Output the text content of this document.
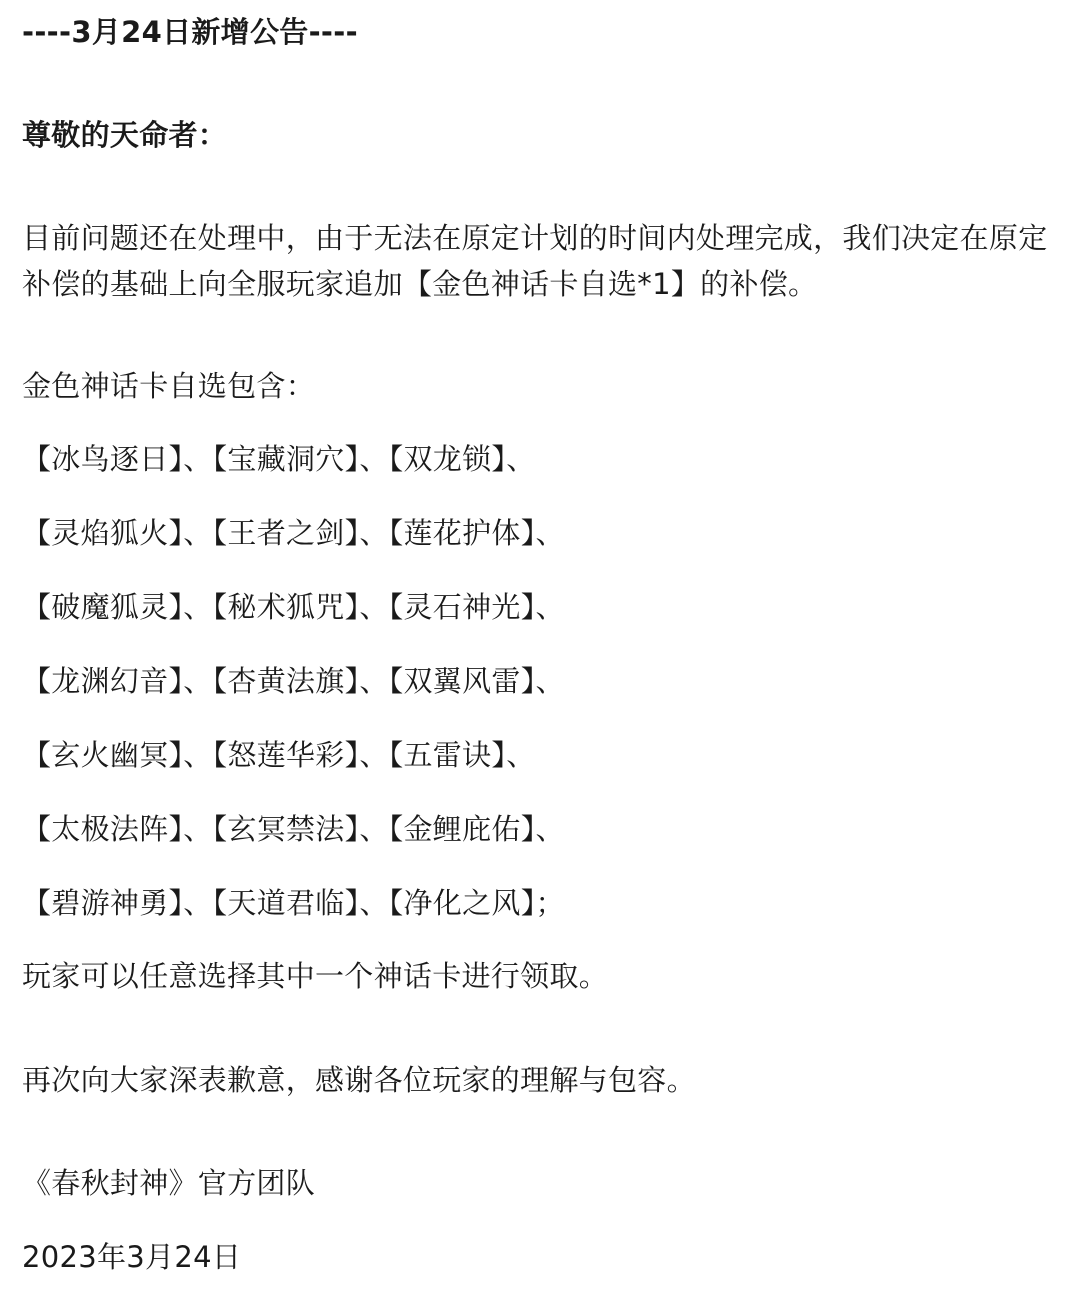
----3月24日新增公告----

尊敬的天命者：

目前问题还在处理中，由于无法在原定计划的时间内处理完成，我们决定在原定

补偿的基础上向全服玩家追加【金色神话卡自选*1】的补偿。

金色神话卡自选包含：

【冰鸟逐日】、【宝藏洞穴】、【双龙锁】、

【灵焰狐火】、【王者之剑】、【莲花护体】、

【破魔狐灵】、【秘术狐咒】、【灵石神光】、

【龙渊幻音】、【杏黄法旗】、【双翼风雷】、

【玄火幽冥】、【怒莲华彩】、【五雷诀】、

【太极法阵】、【玄冥禁法】、【金鲤庇佑】、

【碧游神勇】、【天道君临】、【净化之风】；

玩家可以任意选择其中一个神话卡进行领取。

再次向大家深表歉意，感谢各位玩家的理解与包容。

《春秋封神》官方团队

2023年3月24日
